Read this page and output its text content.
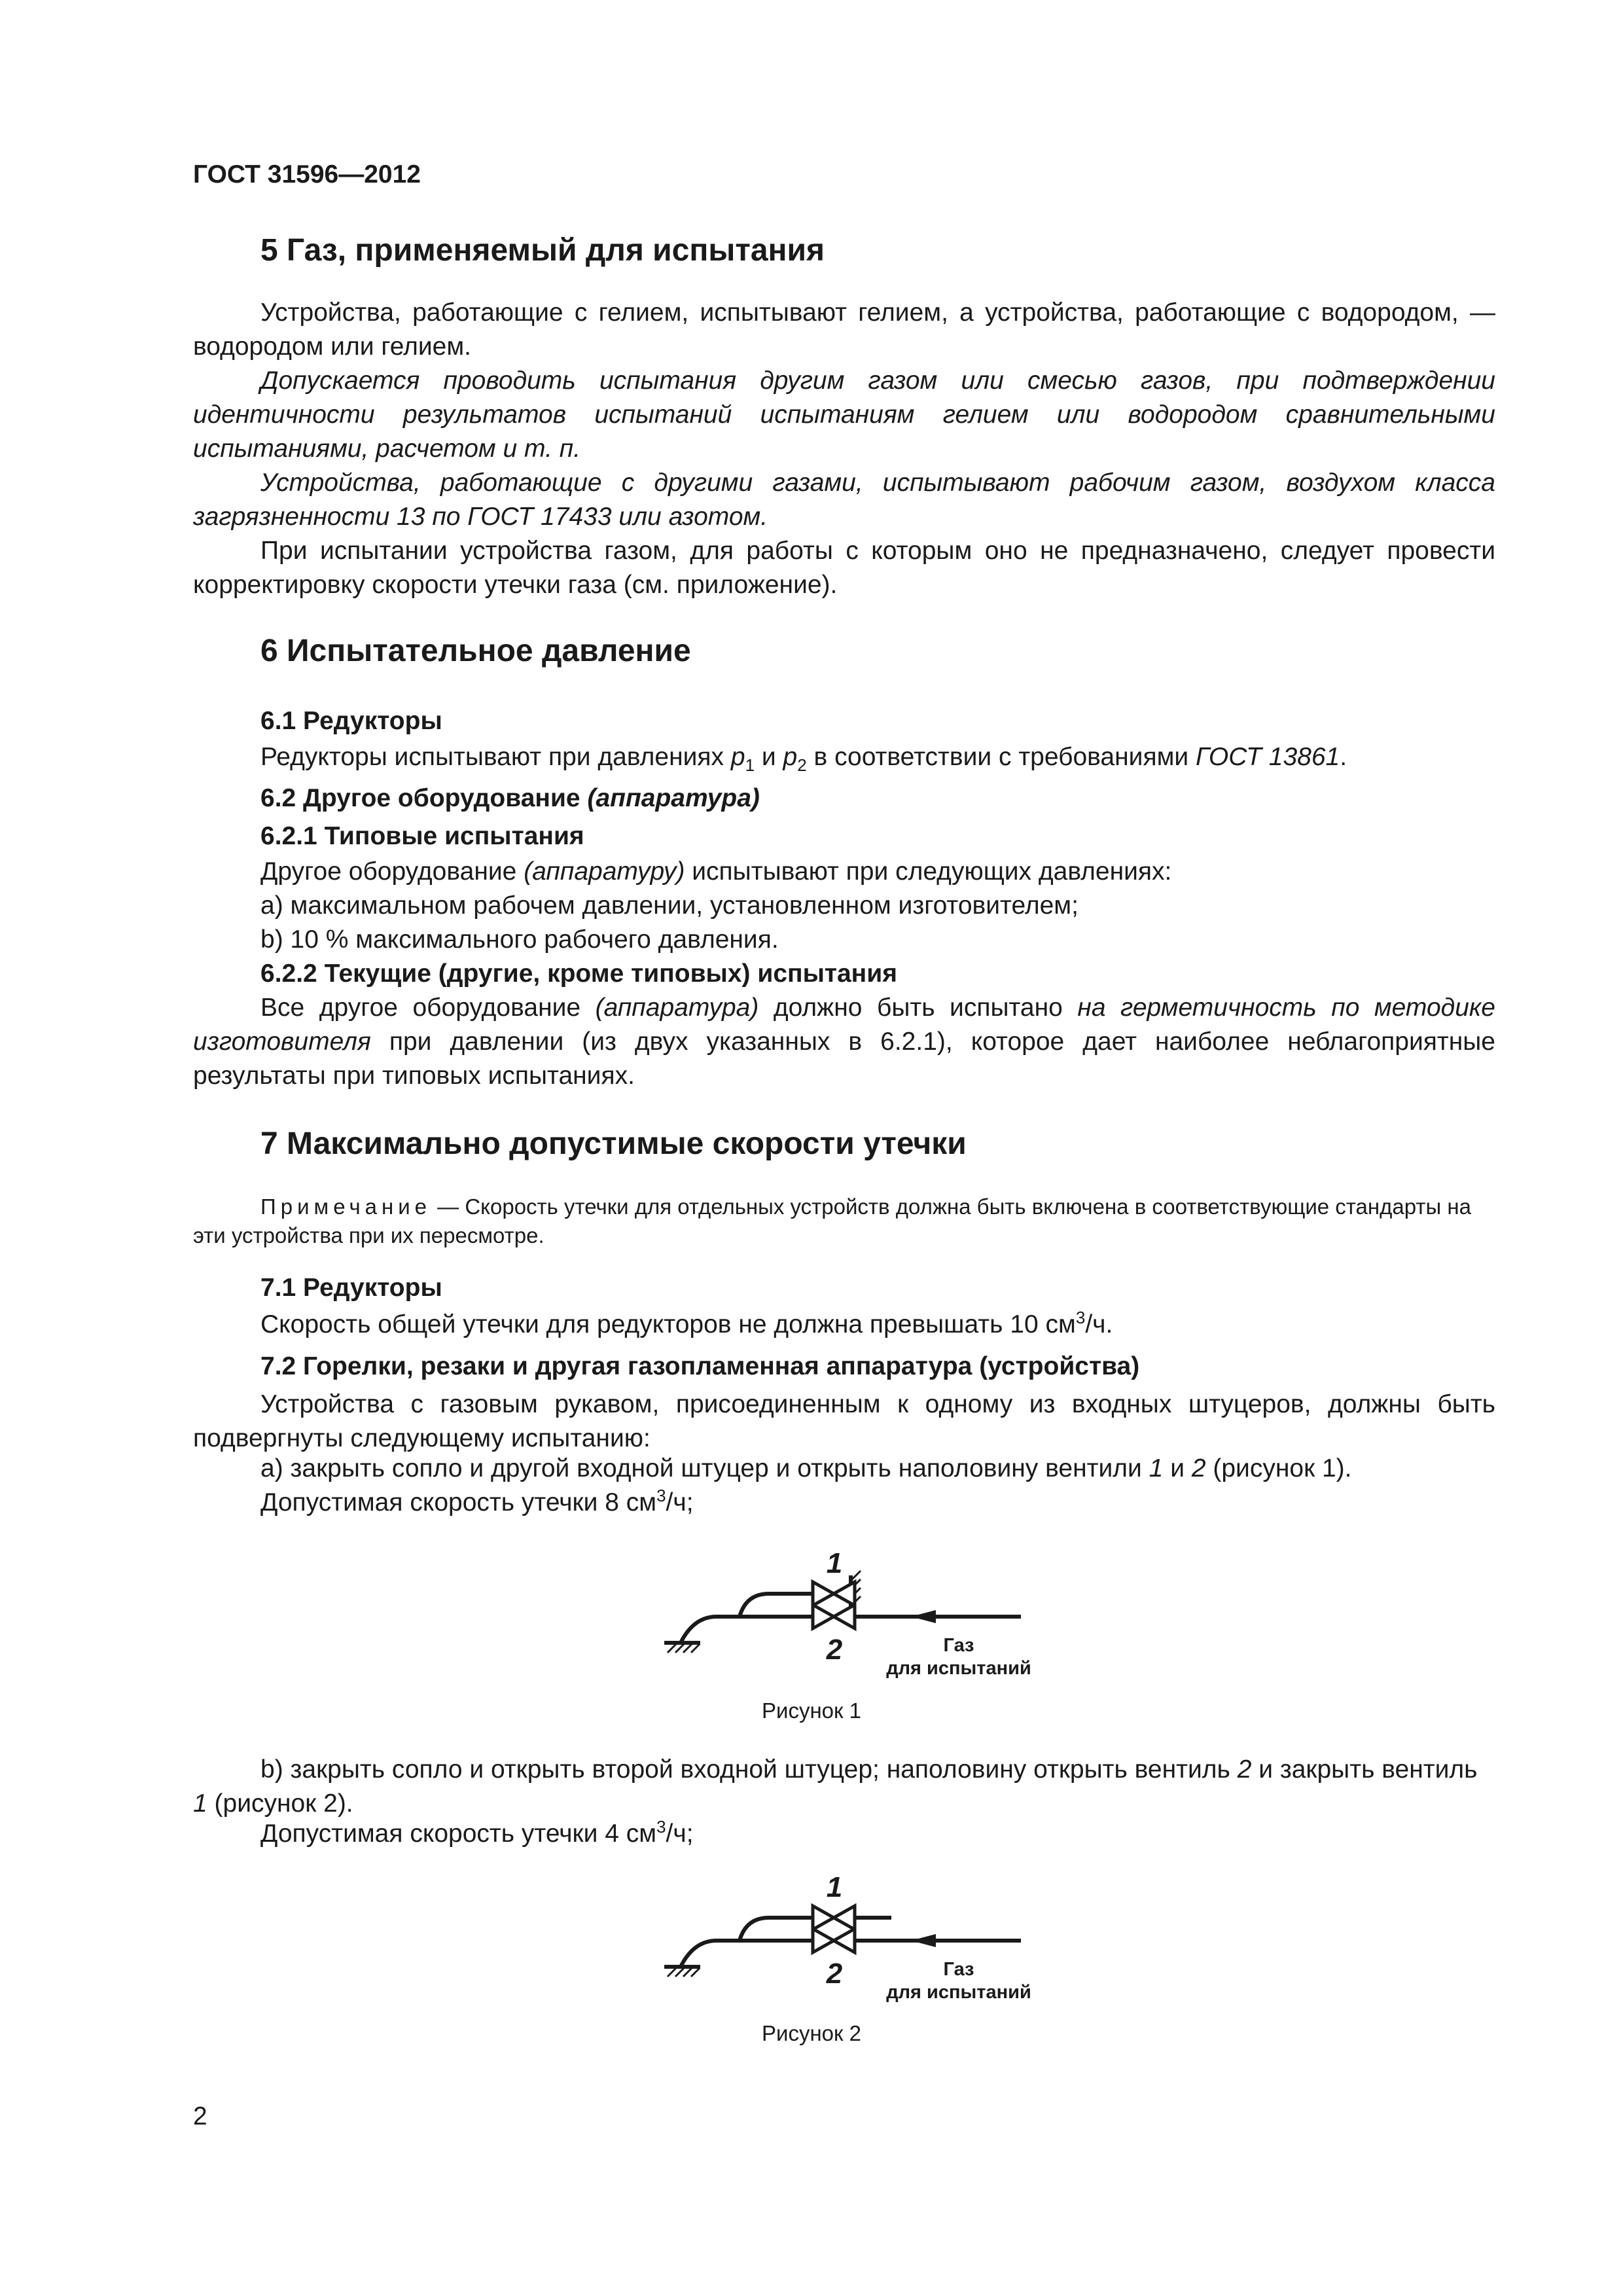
ГОСТ 31596—2012
5 Газ, применяемый для испытания
Устройства, работающие с гелием, испытывают гелием, а устройства, работающие с водородом, — водородом или гелием.
Допускается проводить испытания другим газом или смесью газов, при подтверждении идентичности результатов испытаний испытаниям гелием или водородом сравнительными испытаниями, расчетом и т. п.
Устройства, работающие с другими газами, испытывают рабочим газом, воздухом класса загрязненности 13 по ГОСТ 17433 или азотом.
При испытании устройства газом, для работы с которым оно не предназначено, следует провести корректировку скорости утечки газа (см. приложение).
6 Испытательное давление
6.1 Редукторы
Редукторы испытывают при давлениях $p_1$ и $p_2$ в соответствии с требованиями ГОСТ 13861.
6.2 Другое оборудование (аппаратура)
6.2.1 Типовые испытания
Другое оборудование (аппаратуру) испытывают при следующих давлениях:
a) максимальном рабочем давлении, установленном изготовителем;
b) 10 % максимального рабочего давления.
6.2.2 Текущие (другие, кроме типовых) испытания
Все другое оборудование (аппаратура) должно быть испытано на герметичность по методике изготовителя при давлении (из двух указанных в 6.2.1), которое дает наиболее неблагоприятные результаты при типовых испытаниях.
7 Максимально допустимые скорости утечки
Примечание — Скорость утечки для отдельных устройств должна быть включена в соответствующие стандарты на эти устройства при их пересмотре.
7.1 Редукторы
Скорость общей утечки для редукторов не должна превышать 10 $см^3/ч$.
7.2 Горелки, резаки и другая газопламенная аппаратура (устройства)
Устройства с газовым рукавом, присоединенным к одному из входных штуцеров, должны быть подвергнуты следующему испытанию:
a) закрыть сопло и другой входной штуцер и открыть наполовину вентили 1 и 2 (рисунок 1).
Допустимая скорость утечки 8 $см^3/ч$;
1
2	Газ
для испытаний
Рисунок 1
b) закрыть сопло и открыть второй входной штуцер; наполовину открыть вентиль 2 и закрыть вентиль 1 (рисунок 2).
Допустимая скорость утечки 4 $см^3/ч$;
1
2	Газ
для испытаний
Рисунок 2
2
